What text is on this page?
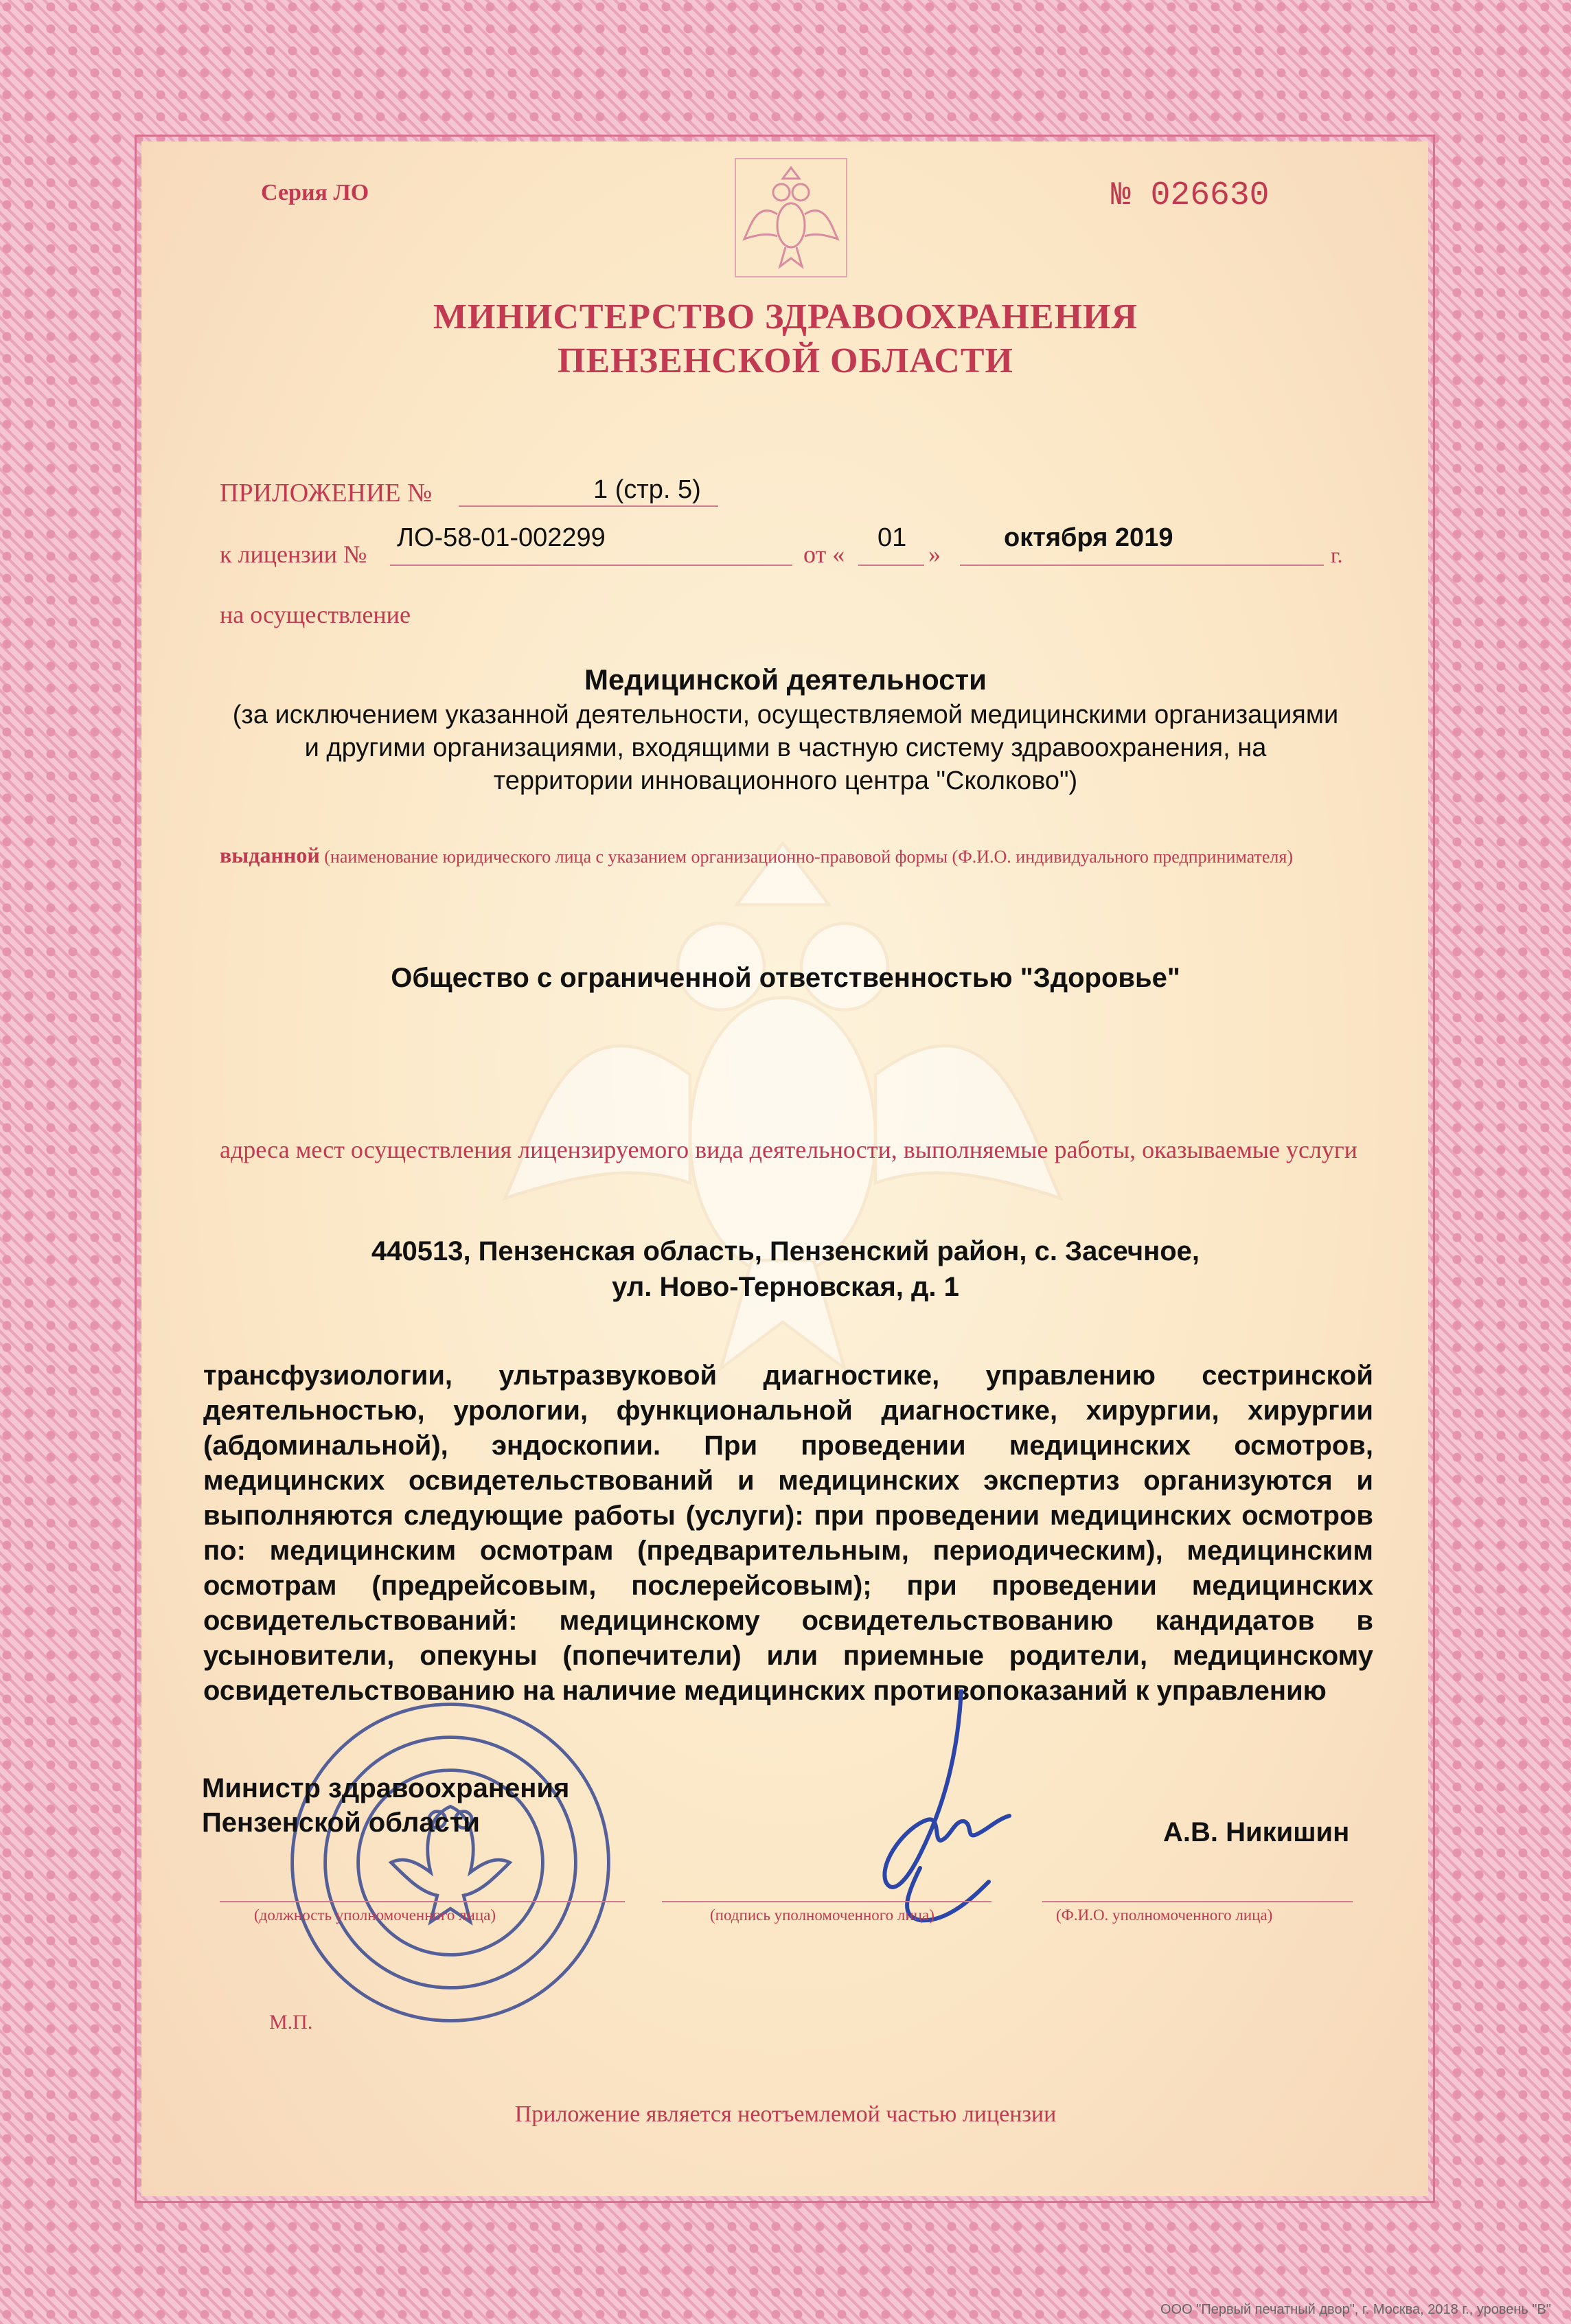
Серия ЛО	№ 026630
МИНИСТЕРСТВО ЗДРАВООХРАНЕНИЯ
ПЕНЗЕНСКОЙ ОБЛАСТИ
ПРИЛОЖЕНИЕ №	1 (стр. 5)
к лицензии №
ЛО-58-01-002299
от «
01
»
октября 2019
г.
на осуществление
Медицинской деятельности
(за исключением указанной деятельности, осуществляемой медицинскими организациями
и другими организациями, входящими в частную систему здравоохранения, на
территории инновационного центра "Сколково")
выданной (наименование юридического лица с указанием организационно-правовой формы (Ф.И.О. индивидуального предпринимателя)
Общество с ограниченной ответственностью "Здоровье"
адреса мест осуществления лицензируемого вида деятельности, выполняемые работы, оказываемые услуги
440513, Пензенская область, Пензенский район, с. Засечное,
ул. Ново-Терновская, д. 1
трансфузиологии, ультразвуковой диагностике, управлению сестринской деятельностью, урологии, функциональной диагностике, хирургии, хирургии (абдоминальной), эндоскопии. При проведении медицинских осмотров, медицинских освидетельствований и медицинских экспертиз организуются и выполняются следующие работы (услуги): при проведении медицинских осмотров по: медицинским осмотрам (предварительным, периодическим), медицинским осмотрам (предрейсовым, послерейсовым); при проведении медицинских освидетельствований: медицинскому освидетельствованию кандидатов в усыновители, опекуны (попечители) или приемные родители, медицинскому освидетельствованию на наличие медицинских противопоказаний к управлению
Министр здравоохранения
Пензенской области	А.В. Никишин
(должность уполномоченного лица)	(подпись уполномоченного лица)	(Ф.И.О. уполномоченного лица)
М.П.
Приложение является неотъемлемой частью лицензии
ООО "Первый печатный двор", г. Москва, 2018 г., уровень "В"
